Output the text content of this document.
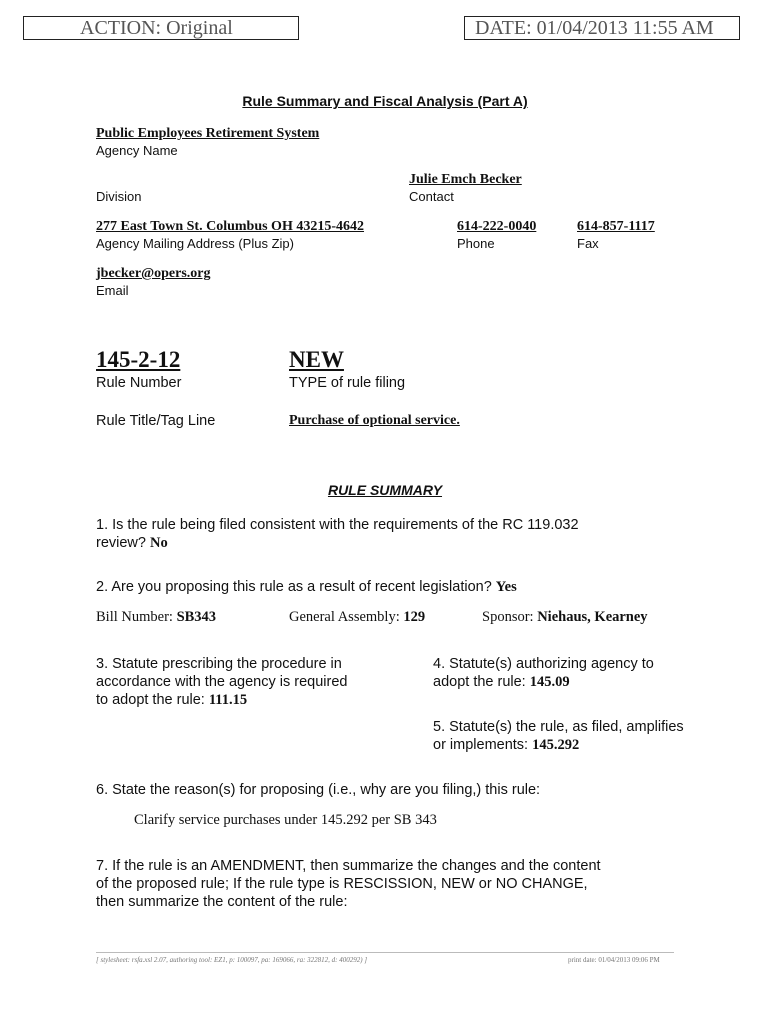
ACTION: Original	DATE: 01/04/2013 11:55 AM
Rule Summary and Fiscal Analysis (Part A)
Public Employees Retirement System
Agency Name
Julie Emch Becker
Division	Contact
277 East Town St. Columbus OH 43215-4642	614-222-0040	614-857-1117
Agency Mailing Address (Plus Zip)	Phone	Fax
jbecker@opers.org
Email
145-2-12	NEW
Rule Number	TYPE of rule filing
Rule Title/Tag Line	Purchase of optional service.
RULE SUMMARY
1. Is the rule being filed consistent with the requirements of the RC 119.032
review? No
2. Are you proposing this rule as a result of recent legislation? Yes
Bill Number: SB343	General Assembly: 129	Sponsor: Niehaus, Kearney
3. Statute prescribing the procedure in
accordance with the agency is required
to adopt the rule: 111.15
4. Statute(s) authorizing agency to
adopt the rule: 145.09
5. Statute(s) the rule, as filed, amplifies
or implements: 145.292
6. State the reason(s) for proposing (i.e., why are you filing,) this rule:
Clarify service purchases under 145.292 per SB 343
7. If the rule is an AMENDMENT, then summarize the changes and the content
of the proposed rule; If the rule type is RESCISSION, NEW or NO CHANGE,
then summarize the content of the rule:
[ stylesheet: rsfa.xsl 2.07, authoring tool: EZ1, p: 100097, pa: 169066, ra: 322812, d: 400292) ]	print date: 01/04/2013 09:06 PM
